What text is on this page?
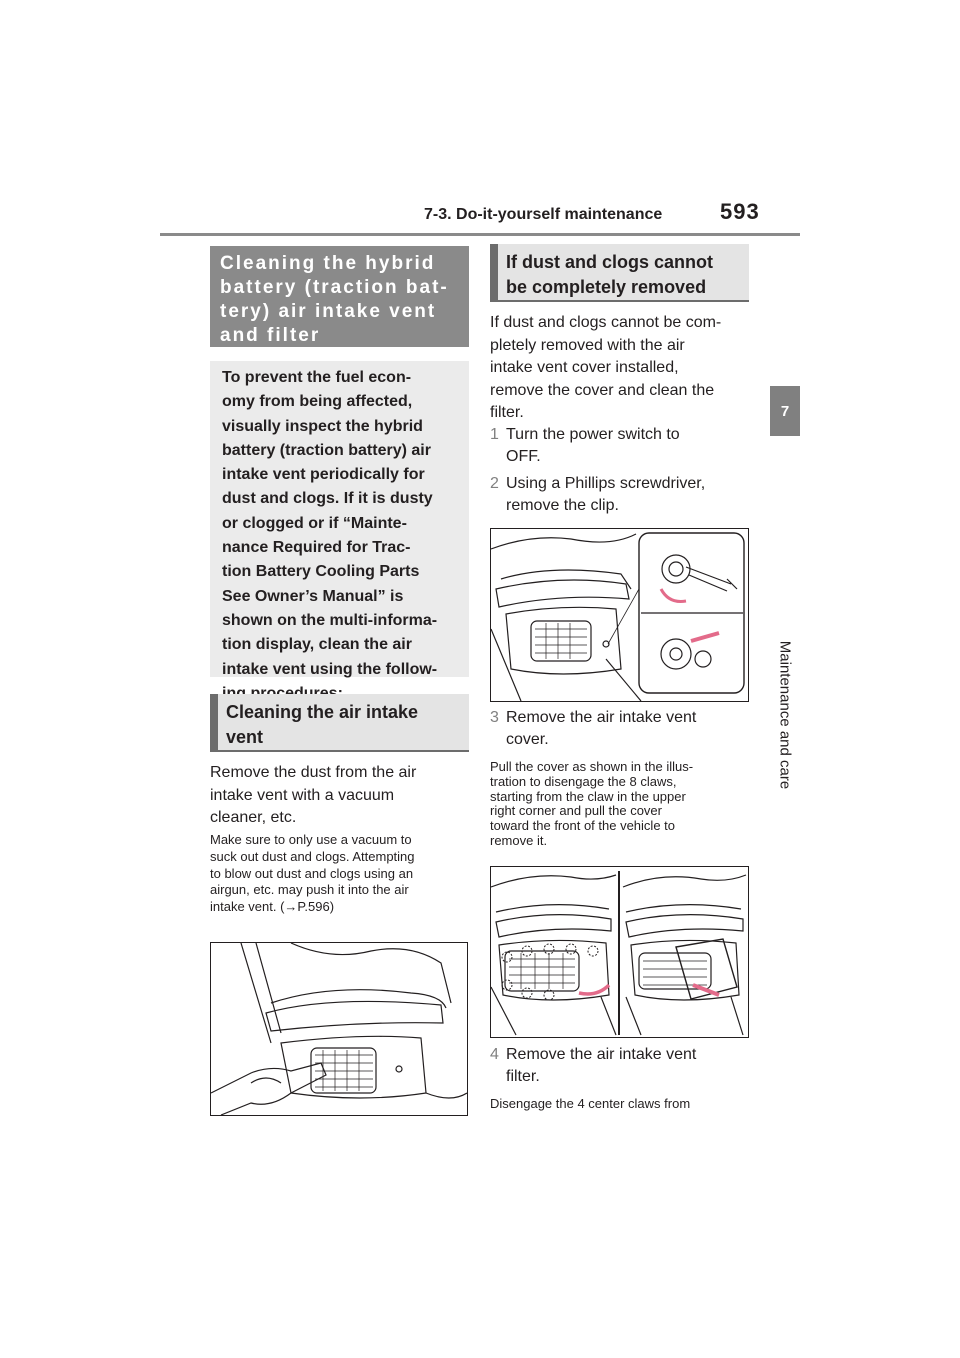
7-3. Do-it-yourself maintenance	593
7
Maintenance and care
Cleaning the hybrid
battery (traction bat-
tery) air intake vent
and filter
To prevent the fuel econ-
omy from being affected,
visually inspect the hybrid
battery (traction battery) air
intake vent periodically for
dust and clogs. If it is dusty
or clogged or if “Mainte-
nance Required for Trac-
tion Battery Cooling Parts
See Owner’s Manual” is
shown on the multi-informa-
tion display, clean the air
intake vent using the follow-
Cleaning the air intake
vent
Remove the dust from the air
intake vent with a vacuum
cleaner, etc.
Make sure to only use a vacuum to
suck out dust and clogs. Attempting
to blow out dust and clogs using an
airgun, etc. may push it into the air
intake vent. (→P.596)
If dust and clogs cannot
be completely removed
If dust and clogs cannot be com-
pletely removed with the air
intake vent cover installed,
remove the cover and clean the
filter.
1 Turn the power switch to
OFF.
2 Using a Phillips screwdriver,
remove the clip.
3 Remove the air intake vent
cover.
Pull the cover as shown in the illus-
tration to disengage the 8 claws,
starting from the claw in the upper
right corner and pull the cover
toward the front of the vehicle to
remove it.
4 Remove the air intake vent
filter.
Disengage the 4 center claws from
